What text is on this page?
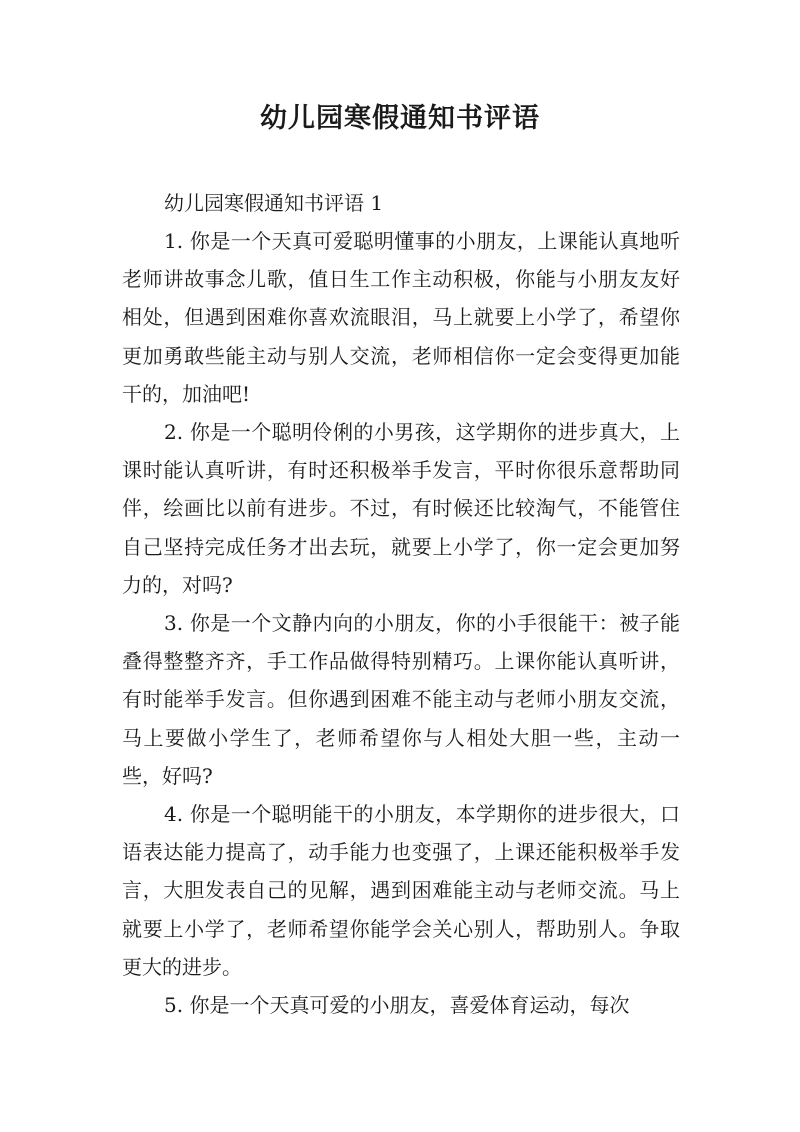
幼儿园寒假通知书评语

幼儿园寒假通知书评语 1

1. 你是一个天真可爱聪明懂事的小朋友，上课能认真地听老师讲故事念儿歌，值日生工作主动积极，你能与小朋友友好相处，但遇到困难你喜欢流眼泪，马上就要上小学了，希望你更加勇敢些能主动与别人交流，老师相信你一定会变得更加能干的，加油吧!

2. 你是一个聪明伶俐的小男孩，这学期你的进步真大，上课时能认真听讲，有时还积极举手发言，平时你很乐意帮助同伴，绘画比以前有进步。不过，有时候还比较淘气，不能管住自己坚持完成任务才出去玩，就要上小学了，你一定会更加努力的，对吗?

3. 你是一个文静内向的小朋友，你的小手很能干：被子能叠得整整齐齐，手工作品做得特别精巧。上课你能认真听讲，有时能举手发言。但你遇到困难不能主动与老师小朋友交流，马上要做小学生了，老师希望你与人相处大胆一些，主动一些，好吗?

4. 你是一个聪明能干的小朋友，本学期你的进步很大，口语表达能力提高了，动手能力也变强了，上课还能积极举手发言，大胆发表自己的见解，遇到困难能主动与老师交流。马上就要上小学了，老师希望你能学会关心别人，帮助别人。争取更大的进步。

5. 你是一个天真可爱的小朋友，喜爱体育运动，每次
